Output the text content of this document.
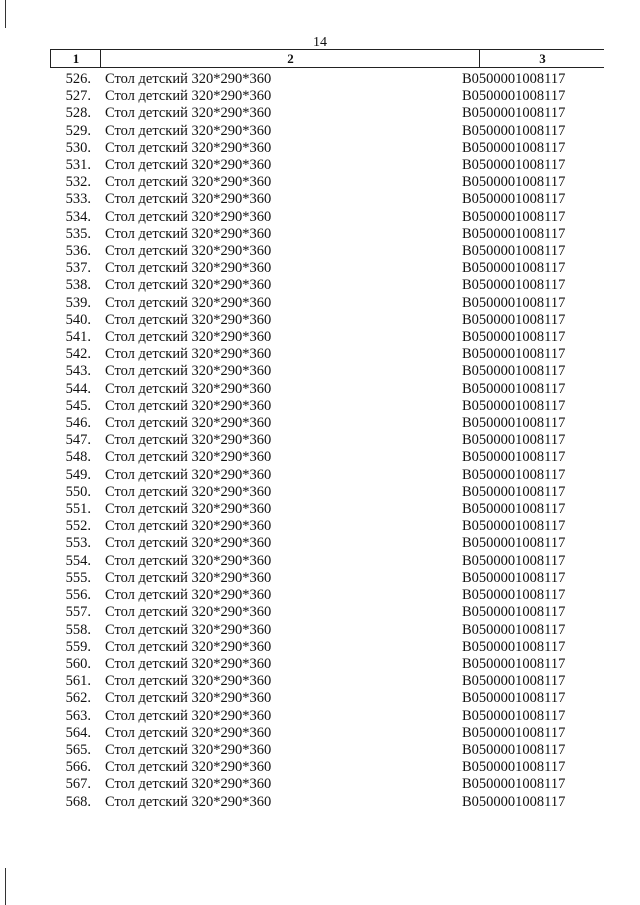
14
1	2	3
526. Стол детский 320*290*360	В0500001008117
527. Стол детский 320*290*360	В0500001008117
528. Стол детский 320*290*360	В0500001008117
529. Стол детский 320*290*360	В0500001008117
530. Стол детский 320*290*360	В0500001008117
531. Стол детский 320*290*360	В0500001008117
532. Стол детский 320*290*360	В0500001008117
533. Стол детский 320*290*360	В0500001008117
534. Стол детский 320*290*360	В0500001008117
535. Стол детский 320*290*360	В0500001008117
536. Стол детский 320*290*360	В0500001008117
537. Стол детский 320*290*360	В0500001008117
538. Стол детский 320*290*360	В0500001008117
539. Стол детский 320*290*360	В0500001008117
540. Стол детский 320*290*360	В0500001008117
541. Стол детский 320*290*360	В0500001008117
542. Стол детский 320*290*360	В0500001008117
543. Стол детский 320*290*360	В0500001008117
544. Стол детский 320*290*360	В0500001008117
545. Стол детский 320*290*360	В0500001008117
546. Стол детский 320*290*360	В0500001008117
547. Стол детский 320*290*360	В0500001008117
548. Стол детский 320*290*360	В0500001008117
549. Стол детский 320*290*360	В0500001008117
550. Стол детский 320*290*360	В0500001008117
551. Стол детский 320*290*360	В0500001008117
552. Стол детский 320*290*360	В0500001008117
553. Стол детский 320*290*360	В0500001008117
554. Стол детский 320*290*360	В0500001008117
555. Стол детский 320*290*360	В0500001008117
556. Стол детский 320*290*360	В0500001008117
557. Стол детский 320*290*360	В0500001008117
558. Стол детский 320*290*360	В0500001008117
559. Стол детский 320*290*360	В0500001008117
560. Стол детский 320*290*360	В0500001008117
561. Стол детский 320*290*360	В0500001008117
562. Стол детский 320*290*360	В0500001008117
563. Стол детский 320*290*360	В0500001008117
564. Стол детский 320*290*360	В0500001008117
565. Стол детский 320*290*360	В0500001008117
566. Стол детский 320*290*360	В0500001008117
567. Стол детский 320*290*360	В0500001008117
568. Стол детский 320*290*360	В0500001008117
